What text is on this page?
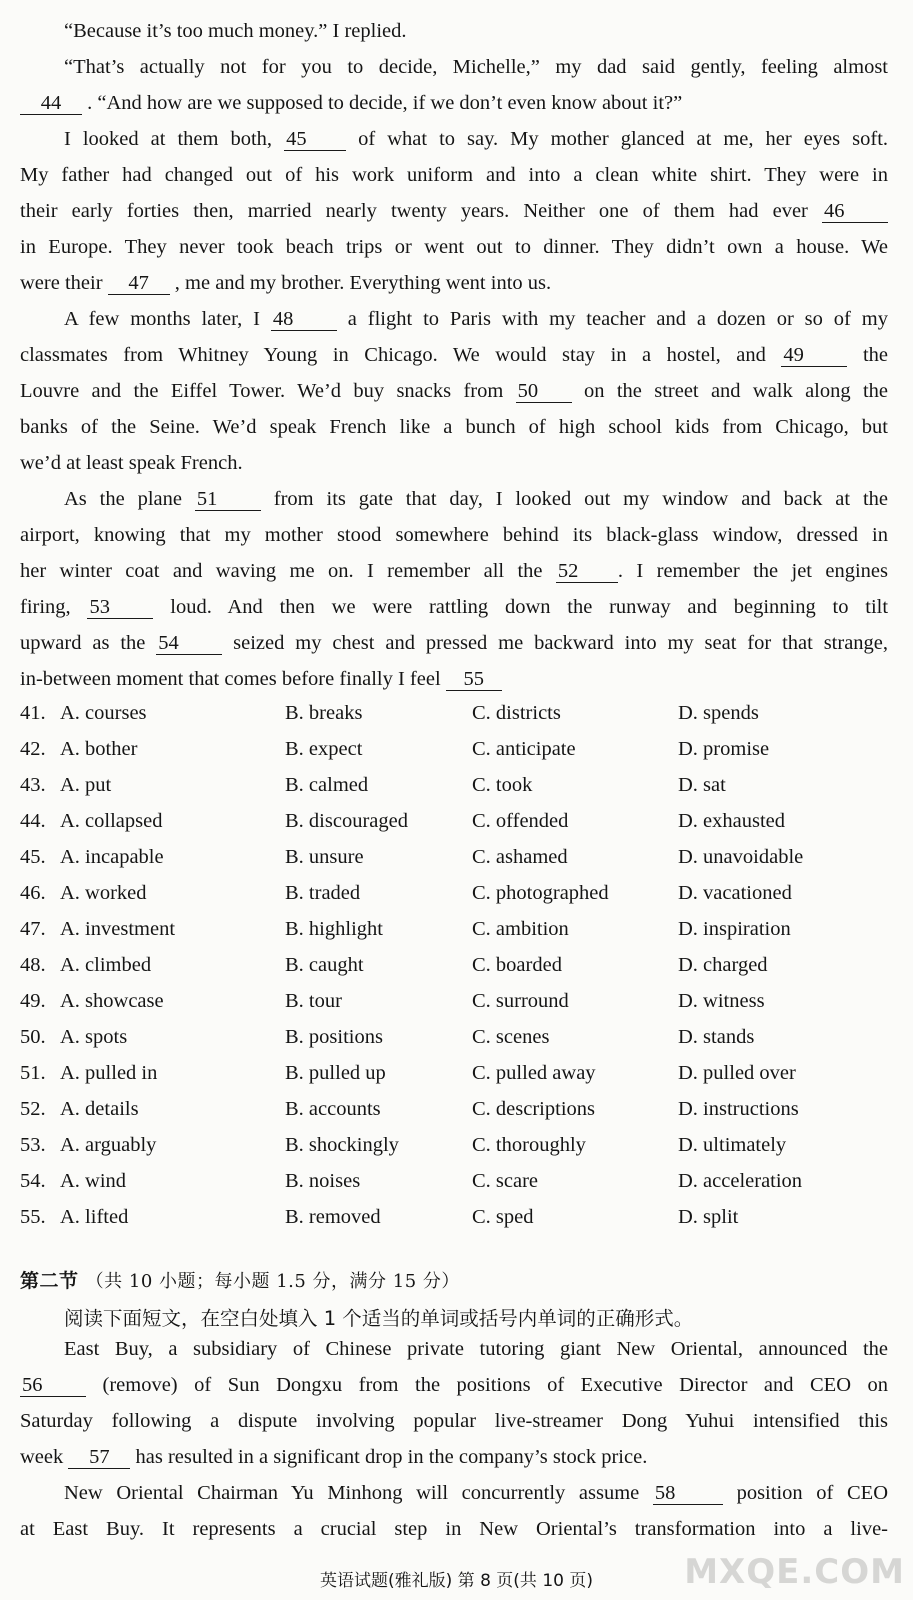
“Because it’s too much money.” I replied.
“That’s actually not for you to decide, Michelle,” my dad said gently, feeling almost
44 . “And how are we supposed to decide, if we don’t even know about it?”
I looked at them both, 45	of what to say. My mother glanced at me, her eyes soft.
My father had changed out of his work uniform and into a clean white shirt. They were in
their early forties then, married nearly twenty years. Neither one of them had ever 46
in Europe. They never took beach trips or went out to dinner. They didn’t own a house. We
were their 47 , me and my brother. Everything went into us.
A few months later, I 48	a flight to Paris with my teacher and a dozen or so of my
classmates from Whitney Young in Chicago. We would stay in a hostel, and 49	the
Louvre and the Eiffel Tower. We’d buy snacks from 50 on the street and walk along the
banks of the Seine. We’d speak French like a bunch of high school kids from Chicago, but
we’d at least speak French.
As the plane 51	from its gate that day, I looked out my window and back at the
airport, knowing that my mother stood somewhere behind its black-glass window, dressed in
her winter coat and waving me on. I remember all the 52 . I remember the jet engines
firing, 53	loud. And then we were rattling down the runway and beginning to tilt
upward as the 54	seized my chest and pressed me backward into my seat for that strange,
in-between moment that comes before finally I feel 55
41. A. courses	B. breaks	C. districts	D. spends
42. A. bother	B. expect	C. anticipate	D. promise
43. A. put	B. calmed	C. took	D. sat
44. A. collapsed	B. discouraged	C. offended	D. exhausted
45. A. incapable	B. unsure	C. ashamed	D. unavoidable
46. A. worked	B. traded	C. photographed	D. vacationed
47. A. investment	B. highlight	C. ambition	D. inspiration
48. A. climbed	B. caught	C. boarded	D. charged
49. A. showcase	B. tour	C. surround	D. witness
50. A. spots	B. positions	C. scenes	D. stands
51. A. pulled in	B. pulled up	C. pulled away	D. pulled over
52. A. details	B. accounts	C. descriptions	D. instructions
53. A. arguably	B. shockingly	C. thoroughly	D. ultimately
54. A. wind	B. noises	C. scare	D. acceleration
55. A. lifted	B. removed	C. sped	D. split
第二节 （共 10 小题；每小题 1.5 分，满分 15 分）
阅读下面短文，在空白处填入 1 个适当的单词或括号内单词的正确形式。
East Buy, a subsidiary of Chinese private tutoring giant New Oriental, announced the
56	(remove) of Sun Dongxu from the positions of Executive Director and CEO on
Saturday following a dispute involving popular live-streamer Dong Yuhui intensified this
week 57 has resulted in a significant drop in the company’s stock price.
New Oriental Chairman Yu Minhong will concurrently assume 58	position of CEO
at East Buy. It represents a crucial step in New Oriental’s transformation into a live-
英语试题(雅礼版) 第 8 页(共 10 页)	MXQE.COM
